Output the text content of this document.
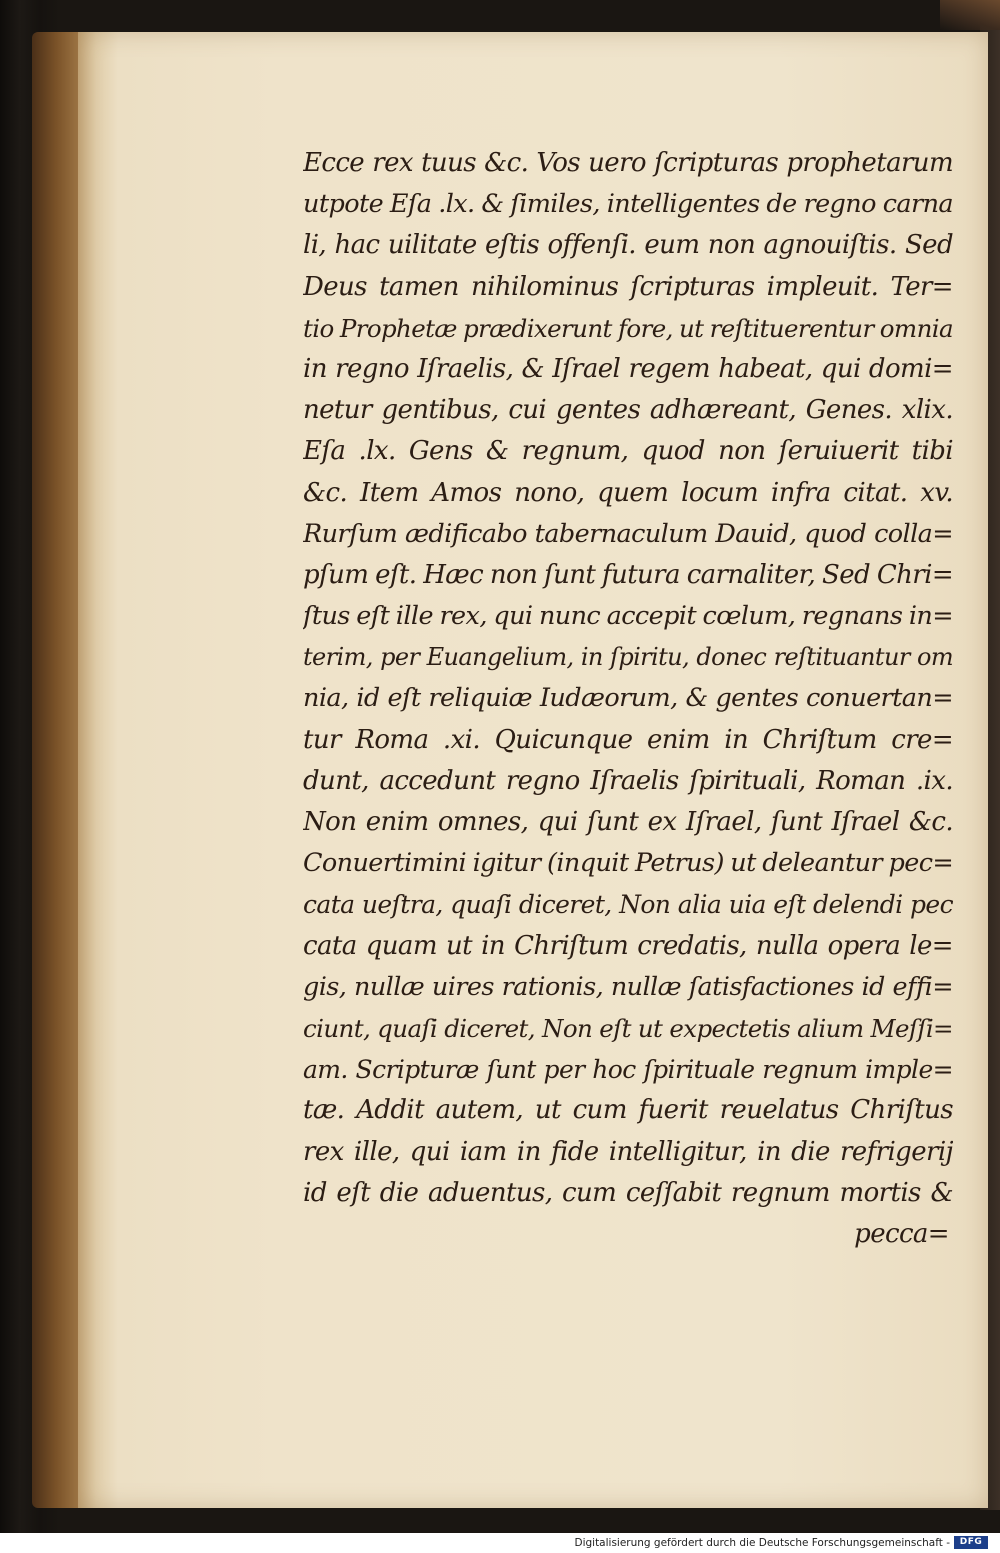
Ecce rex tuus &c. Vos uero ſcripturas prophetarum
utpote Eſa .lx. & ſimiles, intelligentes de regno carna
li, hac uilitate eſtis offenſi. eum non agnouiſtis. Sed
Deus tamen nihilominus ſcripturas impleuit. Ter=
tio Prophetæ prædixerunt fore, ut reſtituerentur omnia
in regno Iſraelis, & Iſrael regem habeat, qui domi=
netur gentibus, cui gentes adhæreant, Genes. xlix.
Eſa .lx. Gens & regnum, quod non ſeruiuerit tibi
&c. Item Amos nono, quem locum infra citat. xv.
Rurſum ædificabo tabernaculum Dauid, quod colla=
pſum eſt. Hæc non ſunt futura carnaliter, Sed Chri=
ſtus eſt ille rex, qui nunc accepit cœlum, regnans in=
terim, per Euangelium, in ſpiritu, donec reſtituantur om
nia, id eſt reliquiæ Iudæorum, & gentes conuertan=
tur Roma .xi. Quicunque enim in Chriſtum cre=
dunt, accedunt regno Iſraelis ſpirituali, Roman .ix.
Non enim omnes, qui ſunt ex Iſrael, ſunt Iſrael &c.
Conuertimini igitur (inquit Petrus) ut deleantur pec=
cata ueſtra, quaſi diceret, Non alia uia eſt delendi pec
cata quam ut in Chriſtum credatis, nulla opera le=
gis, nullæ uires rationis, nullæ ſatisfactiones id effi=
ciunt, quaſi diceret, Non eſt ut expectetis alium Meſſi=
am. Scripturæ ſunt per hoc ſpirituale regnum imple=
tæ. Addit autem, ut cum fuerit reuelatus Chriſtus
rex ille, qui iam in fide intelligitur, in die refrigerij
id eſt die aduentus, cum ceſſabit regnum mortis &
pecca=
Digitalisierung gefördert durch die Deutsche Forschungsgemeinschaft -	DFG
